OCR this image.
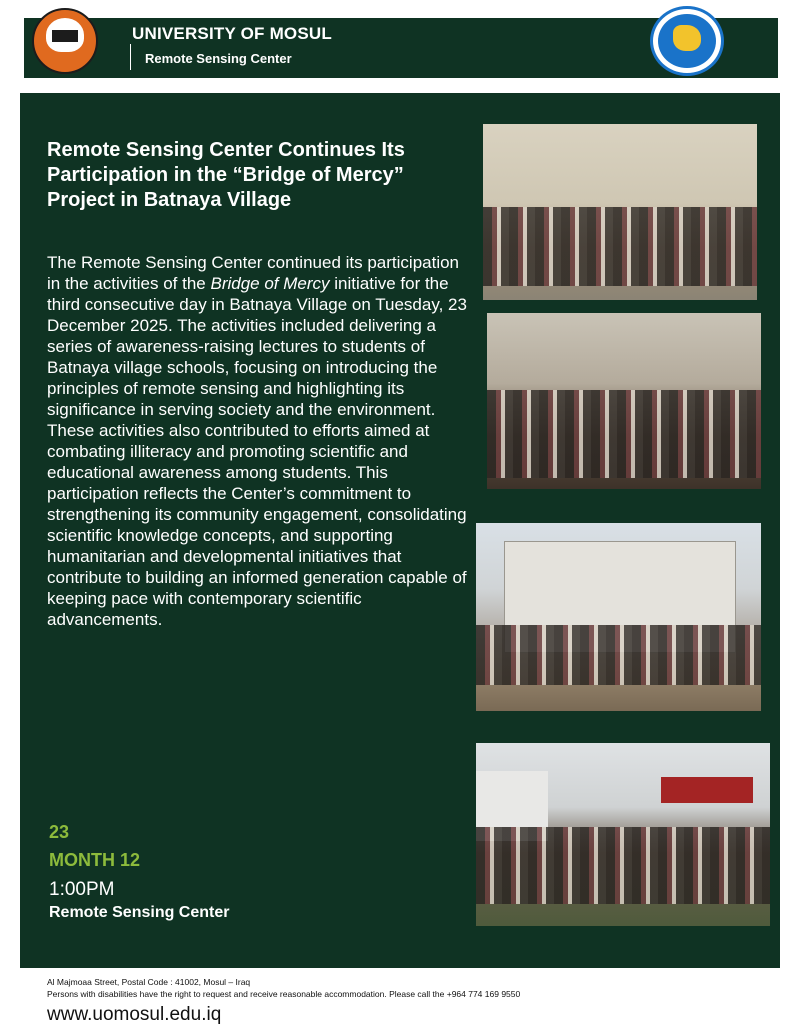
UNIVERSITY OF MOSUL
Remote Sensing Center
Remote Sensing Center Continues Its Participation in the “Bridge of Mercy” Project in Batnaya Village
The Remote Sensing Center continued its participation in the activities of the Bridge of Mercy initiative for the third consecutive day in Batnaya Village on Tuesday, 23 December 2025. The activities included delivering a series of awareness-raising lectures to students of Batnaya village schools, focusing on introducing the principles of remote sensing and highlighting its significance in serving society and the environment. These activities also contributed to efforts aimed at combating illiteracy and promoting scientific and educational awareness among students. This participation reflects the Center’s commitment to strengthening its community engagement, consolidating scientific knowledge concepts, and supporting humanitarian and developmental initiatives that contribute to building an informed generation capable of keeping pace with contemporary scientific advancements.
23
MONTH 12
1:00PM
Remote Sensing Center
Al Majmoaa Street, Postal Code : 41002, Mosul – Iraq
Persons with disabilities have the right to request and receive reasonable accommodation. Please call the +964 774 169 9550
www.uomosul.edu.iq
